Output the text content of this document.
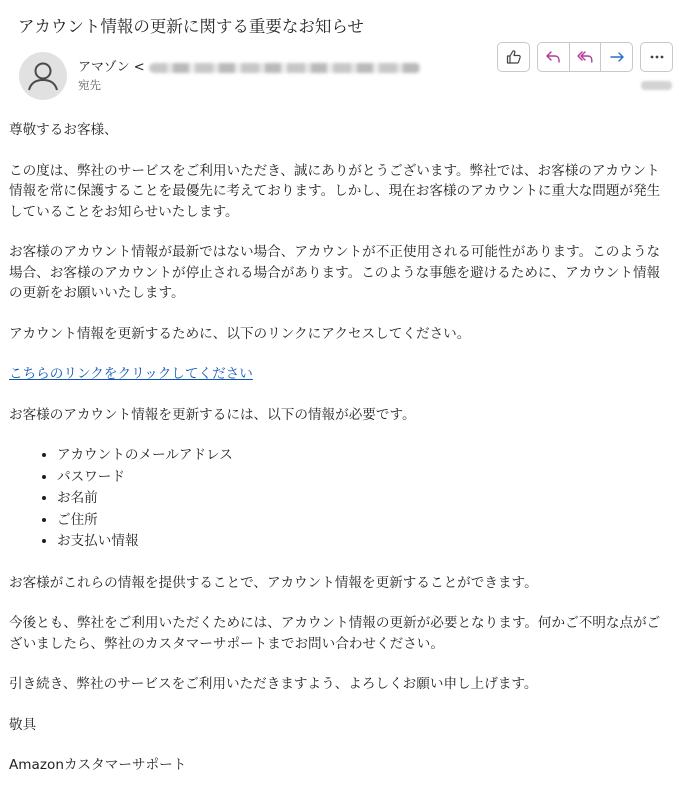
アカウント情報の更新に関する重要なお知らせ
アマゾン <
宛先

尊敬するお客様、

この度は、弊社のサービスをご利用いただき、誠にありがとうございます。弊社では、お客様のアカウント情報を常に保護することを最優先に考えております。しかし、現在お客様のアカウントに重大な問題が発生していることをお知らせいたします。

お客様のアカウント情報が最新ではない場合、アカウントが不正使用される可能性があります。このような場合、お客様のアカウントが停止される場合があります。このような事態を避けるために、アカウント情報の更新をお願いいたします。

アカウント情報を更新するために、以下のリンクにアクセスしてください。

こちらのリンクをクリックしてください

お客様のアカウント情報を更新するには、以下の情報が必要です。

• アカウントのメールアドレス
• パスワード
• お名前
• ご住所
• お支払い情報

お客様がこれらの情報を提供することで、アカウント情報を更新することができます。

今後とも、弊社をご利用いただくためには、アカウント情報の更新が必要となります。何かご不明な点がございましたら、弊社のカスタマーサポートまでお問い合わせください。

引き続き、弊社のサービスをご利用いただきますよう、よろしくお願い申し上げます。

敬具

Amazonカスタマーサポート
